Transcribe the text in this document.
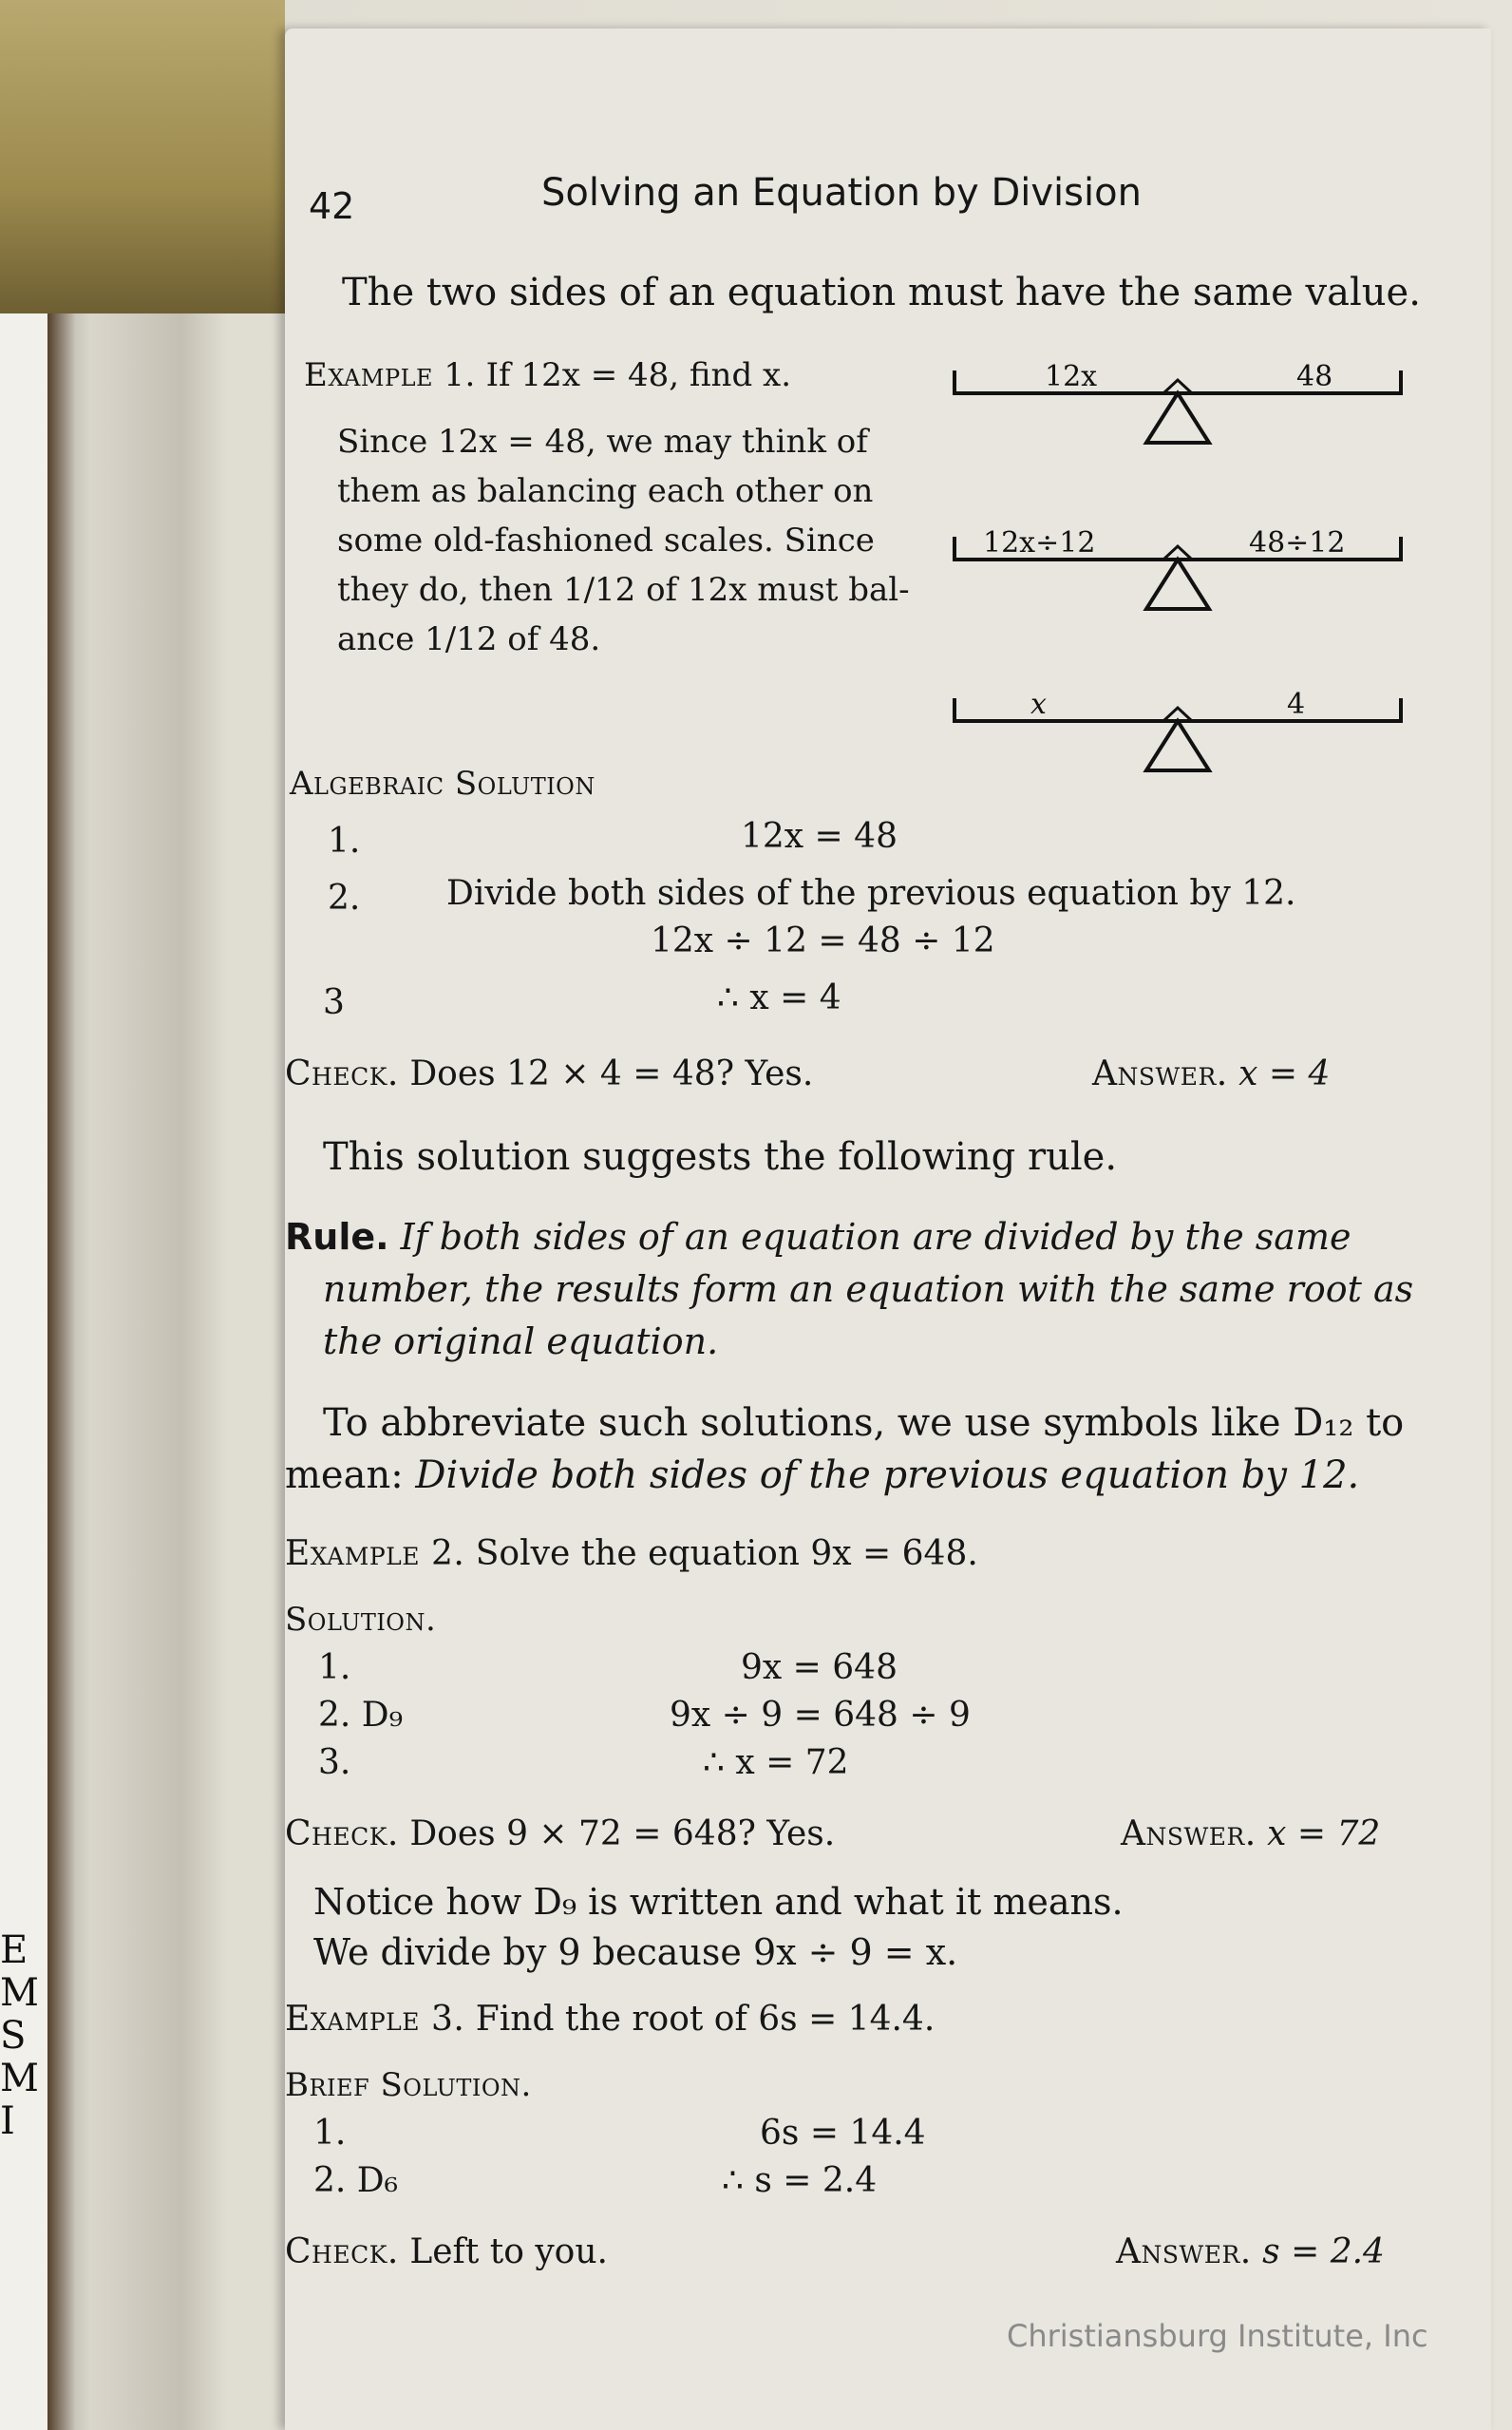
E
M
S
M
I
42	Solving an Equation by Division
The two sides of an equation must have the same value.
Example 1. If 12x = 48, find x.
Since 12x = 48, we may think of
them as balancing each other on
some old-fashioned scales. Since
they do, then 1/12 of 12x must bal-
ance 1/12 of 48.
12x	48
12x÷12	48÷12
x	4
Algebraic Solution
1.	12x = 48
2.	Divide both sides of the previous equation by 12.
12x ÷ 12 = 48 ÷ 12
3	∴ x = 4
Check. Does 12 × 4 = 48? Yes.	Answer. x = 4
This solution suggests the following rule.
Rule. If both sides of an equation are divided by the same
number, the results form an equation with the same root as
the original equation.
To abbreviate such solutions, we use symbols like D₁₂ to
mean: Divide both sides of the previous equation by 12.
Example 2. Solve the equation 9x = 648.
Solution.
1.	9x = 648
2. D₉	9x ÷ 9 = 648 ÷ 9
3.	∴ x = 72
Check. Does 9 × 72 = 648? Yes.	Answer. x = 72
Notice how D₉ is written and what it means.
We divide by 9 because 9x ÷ 9 = x.
Example 3. Find the root of 6s = 14.4.
Brief Solution.
1.	6s = 14.4
2. D₆	∴ s = 2.4
Check. Left to you.	Answer. s = 2.4
Christiansburg Institute, Inc
